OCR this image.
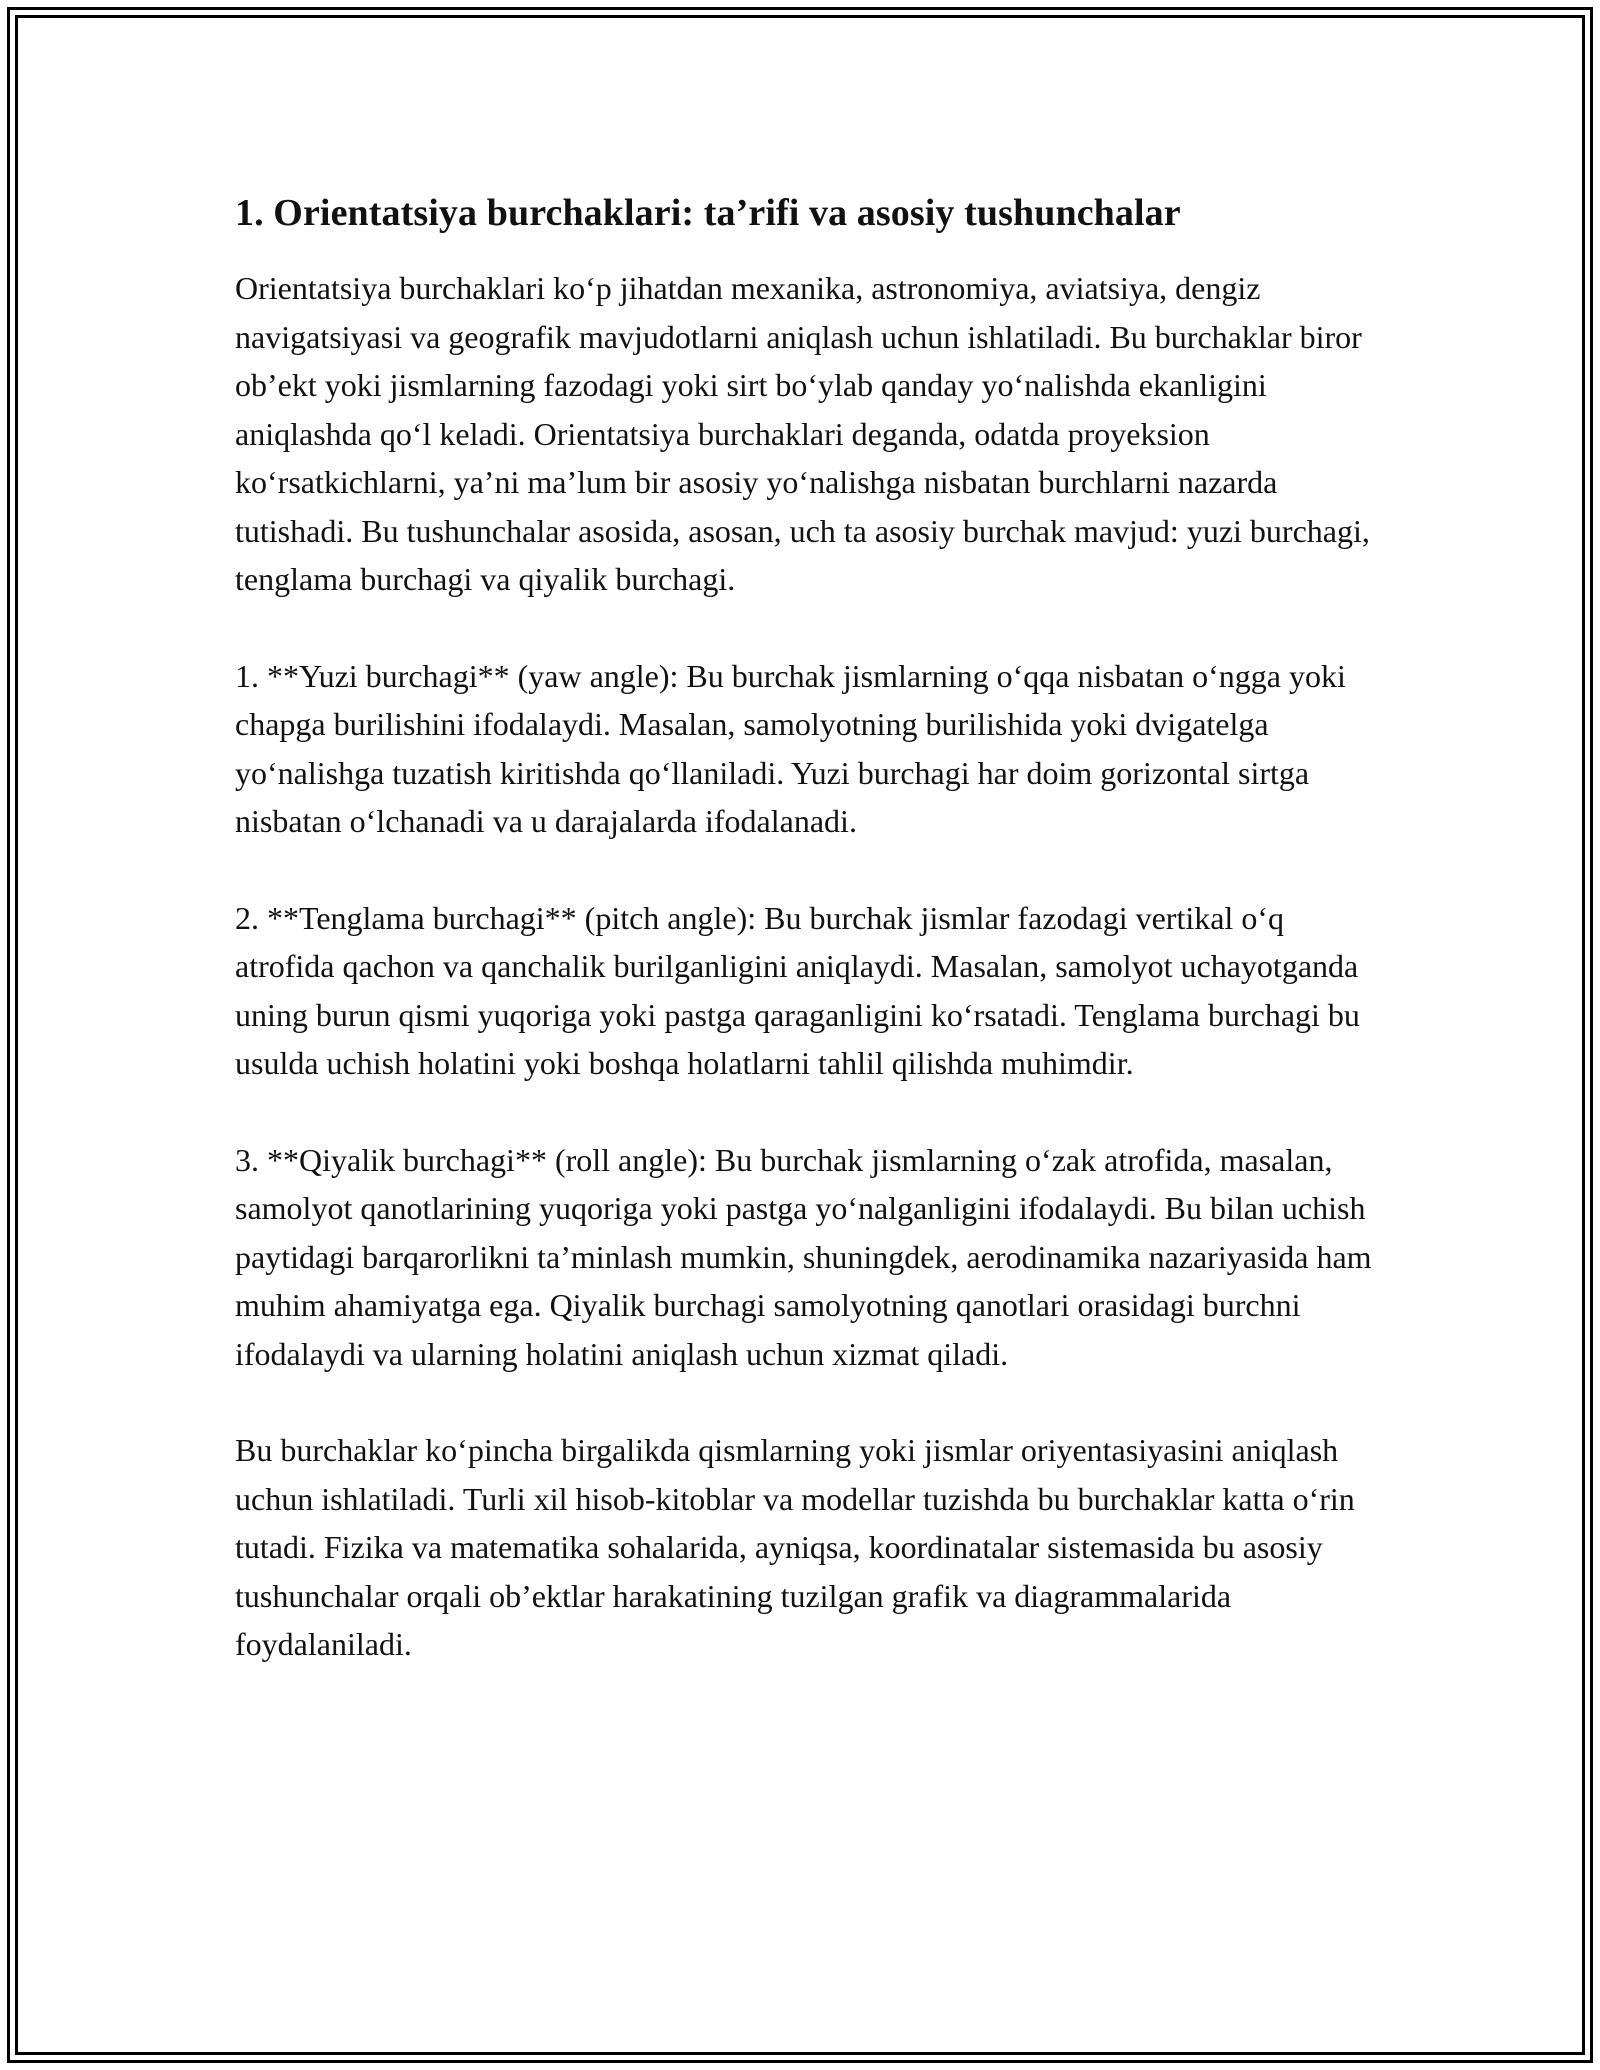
1. Orientatsiya burchaklari: ta’rifi va asosiy tushunchalar

Orientatsiya burchaklari ko‘p jihatdan mexanika, astronomiya, aviatsiya, dengiz navigatsiyasi va geografik mavjudotlarni aniqlash uchun ishlatiladi. Bu burchaklar biror ob’ekt yoki jismlarning fazodagi yoki sirt bo‘ylab qanday yo‘nalishda ekanligini aniqlashda qo‘l keladi. Orientatsiya burchaklari deganda, odatda proyeksion ko‘rsatkichlarni, ya’ni ma’lum bir asosiy yo‘nalishga nisbatan burchlarni nazarda tutishadi. Bu tushunchalar asosida, asosan, uch ta asosiy burchak mavjud: yuzi burchagi, tenglama burchagi va qiyalik burchagi.

1. **Yuzi burchagi** (yaw angle): Bu burchak jismlarning o‘qqa nisbatan o‘ngga yoki chapga burilishini ifodalaydi. Masalan, samolyotning burilishida yoki dvigatelga yo‘nalishga tuzatish kiritishda qo‘llaniladi. Yuzi burchagi har doim gorizontal sirtga nisbatan o‘lchanadi va u darajalarda ifodalanadi.

2. **Tenglama burchagi** (pitch angle): Bu burchak jismlar fazodagi vertikal o‘q atrofida qachon va qanchalik burilganligini aniqlaydi. Masalan, samolyot uchayotganda uning burun qismi yuqoriga yoki pastga qaraganligini ko‘rsatadi. Tenglama burchagi bu usulda uchish holatini yoki boshqa holatlarni tahlil qilishda muhimdir.

3. **Qiyalik burchagi** (roll angle): Bu burchak jismlarning o‘zak atrofida, masalan, samolyot qanotlarining yuqoriga yoki pastga yo‘nalganligini ifodalaydi. Bu bilan uchish paytidagi barqarorlikni ta’minlash mumkin, shuningdek, aerodinamika nazariyasida ham muhim ahamiyatga ega. Qiyalik burchagi samolyotning qanotlari orasidagi burchni ifodalaydi va ularning holatini aniqlash uchun xizmat qiladi.

Bu burchaklar ko‘pincha birgalikda qismlarning yoki jismlar oriyentasiyasini aniqlash uchun ishlatiladi. Turli xil hisob-kitoblar va modellar tuzishda bu burchaklar katta o‘rin tutadi. Fizika va matematika sohalarida, ayniqsa, koordinatalar sistemasida bu asosiy tushunchalar orqali ob’ektlar harakatining tuzilgan grafik va diagrammalarida foydalaniladi.
